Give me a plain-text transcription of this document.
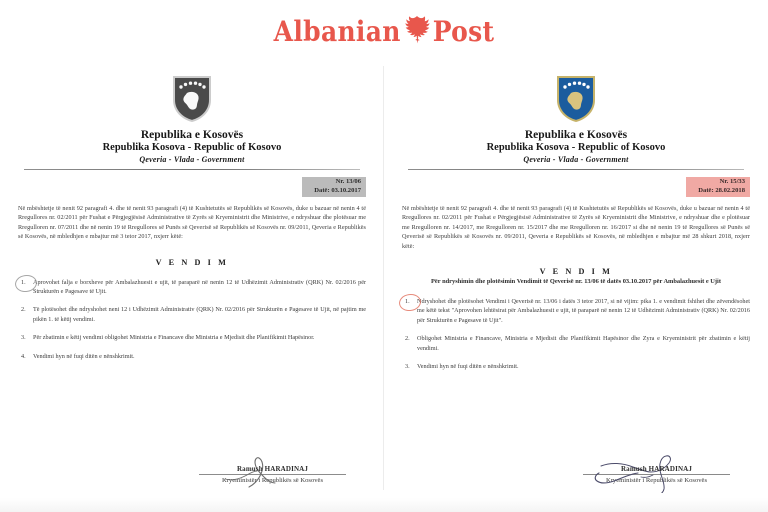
Albanian Post
Republika e Kosovës
Republika Kosova - Republic of Kosovo
Qeveria - Vlada - Government
Nr. 13/06
Datë: 03.10.2017
Në mbështetje të nenit 92 paragrafi 4. dhe të nenit 93 paragrafi (4) të Kushtetutës së Republikës së Kosovës, duke u bazuar në nenin 4 të Rregullores nr. 02/2011 për Fushat e Përgjegjësisë Administrative të Zyrës së Kryeministrit dhe Ministrive, e ndryshuar dhe plotësuar me Rregulloren nr. 07/2011 dhe në nenin 19 të Rregullores së Punës së Qeverisë së Republikës së Kosovës nr. 09/2011, Qeveria e Republikës së Kosovës, në mbledhjen e mbajtur më 3 tetor 2017, nxjerr këtë:
V E N D I M
1.	Aprovohet falja e borxheve për Ambalazhuesit e ujit, të paraparë në nenin 12 të Udhëzimit Administrativ (QRK) Nr. 02/2016 për Strukturën e Pagesave të Ujit.
2.	Të plotësohet dhe ndryshohet neni 12 i Udhëzimit Administrativ (QRK) Nr. 02/2016 për Strukturën e Pagesave të Ujit, në pajtim me pikën 1. të këtij vendimi.
3.	Për zbatimin e këtij vendimi obligohet Ministria e Financave dhe Ministria e Mjedisit dhe Planifikimit Hapësinor.
4.	Vendimi hyn në fuqi ditën e nënshkrimit.
Ramush HARADINAJ
Kryeministër i Republikës së Kosovës
Republika e Kosovës
Republika Kosova - Republic of Kosovo
Qeveria - Vlada - Government
Nr. 15/33
Datë: 28.02.2018
Në mbështetje të nenit 92 paragrafi 4. dhe të nenit 93 paragrafi (4) të Kushtetutës së Republikës së Kosovës, duke u bazuar në nenin 4 të Rregullores nr. 02/2011 për Fushat e Përgjegjësisë Administrative të Zyrës së Kryeministrit dhe Ministrive, e ndryshuar dhe e plotësuar me Rregulloren nr. 14/2017, me Rregulloren nr. 15/2017 dhe me Rregulloren nr. 16/2017 si dhe në nenin 19 të Rregullores së Punës së Qeverisë së Republikës së Kosovës nr. 09/2011, Qeveria e Republikës së Kosovës, në mbledhjen e mbajtur më 28 shkurt 2018, nxjerr këtë:
V E N D I M
Për ndryshimin dhe plotësimin Vendimit të Qeverisë nr. 13/06 të datës 03.10.2017 për Ambalazhuesit e Ujit
1.	Ndryshohet dhe plotësohet Vendimi i Qeverisë nr. 13/06 i datës 3 tetor 2017, si në vijim: pika 1. e vendimit fshihet dhe zëvendësohet me këtë tekst "Aprovohen lehtësirat për Ambalazhuesit e ujit, të paraparë në nenin 12 të Udhëzimit Administrativ (QRK) Nr. 02/2016 për Strukturën e Pagesave të Ujit".
2.	Obligohet Ministria e Financave, Ministria e Mjedisit dhe Planifikimit Hapësinor dhe Zyra e Kryeministrit për zbatimin e këtij vendimi.
3.	Vendimi hyn në fuqi ditën e nënshkrimit.
Ramush HARADINAJ
Kryeministër i Republikës së Kosovës
